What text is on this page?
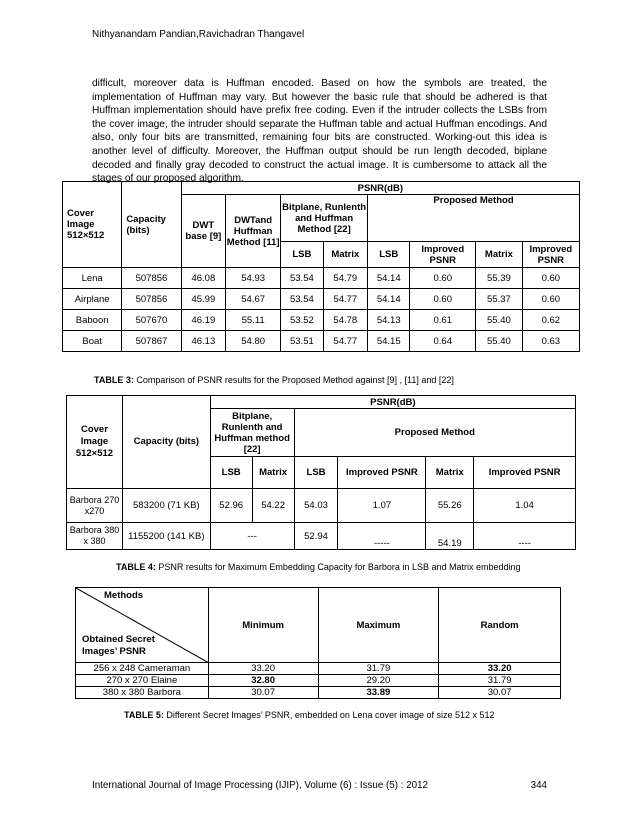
Nithyanandam Pandian,Ravichadran Thangavel
difficult, moreover data is Huffman encoded. Based on how the symbols are treated, the implementation of Huffman may vary. But however the basic rule that should be adhered is that Huffman implementation should have prefix free coding. Even if the intruder collects the LSBs from the cover image, the intruder should separate the Huffman table and actual Huffman encodings. And also, only four bits are transmitted, remaining four bits are constructed. Working-out this idea is another level of difficulty. Moreover, the Huffman output should be run length decoded, biplane decoded and finally gray decoded to construct the actual image. It is cumbersome to attack all the stages of our proposed algorithm.
Cover Image 512×512	Capacity (bits)	PSNR(dB)							
		DWT base [9]	DWTand Huffman Method [11]	Bitplane, Runlenth and Huffman Method [22]		Proposed Method			
				LSB	Matrix	LSB	Improved PSNR	Matrix	Improved PSNR
Lena	507856	46.08	54.93	53.54	54.79	54.14	0.60	55.39	0.60
Airplane	507856	45.99	54.67	53.54	54.77	54.14	0.60	55.37	0.60
Baboon	507670	46.19	55.11	53.52	54.78	54.13	0.61	55.40	0.62
Boat	507867	46.13	54.80	53.51	54.77	54.15	0.64	55.40	0.63
TABLE 3: Comparison of PSNR results for the Proposed Method against [9] , [11] and [22]
Cover Image 512×512	Capacity (bits)	PSNR(dB)					
		Bitplane, Runlenth and Huffman method [22]		Proposed Method			
		LSB	Matrix	LSB	Improved PSNR	Matrix	Improved PSNR
Barbora 270 x270	583200 (71 KB)	52.96	54.22	54.03	1.07	55.26	1.04
Barbora 380 x 380	1155200 (141 KB)	---		52.94	-----	54.19	----
TABLE 4: PSNR results for Maximum Embedding Capacity for Barbora in LSB and Matrix embedding
Methods
Obtained Secret Images’ PSNR	Minimum	Maximum	Random
256 x 248 Cameraman	33.20	31.79	33.20
270 x 270 Elaine	32.80	29.20	31.79
380 x 380 Barbora	30.07	33.89	30.07
TABLE 5: Different Secret Images’ PSNR, embedded on Lena cover image of size 512 x 512
International Journal of Image Processing (IJIP), Volume (6) : Issue (5) : 2012	344
